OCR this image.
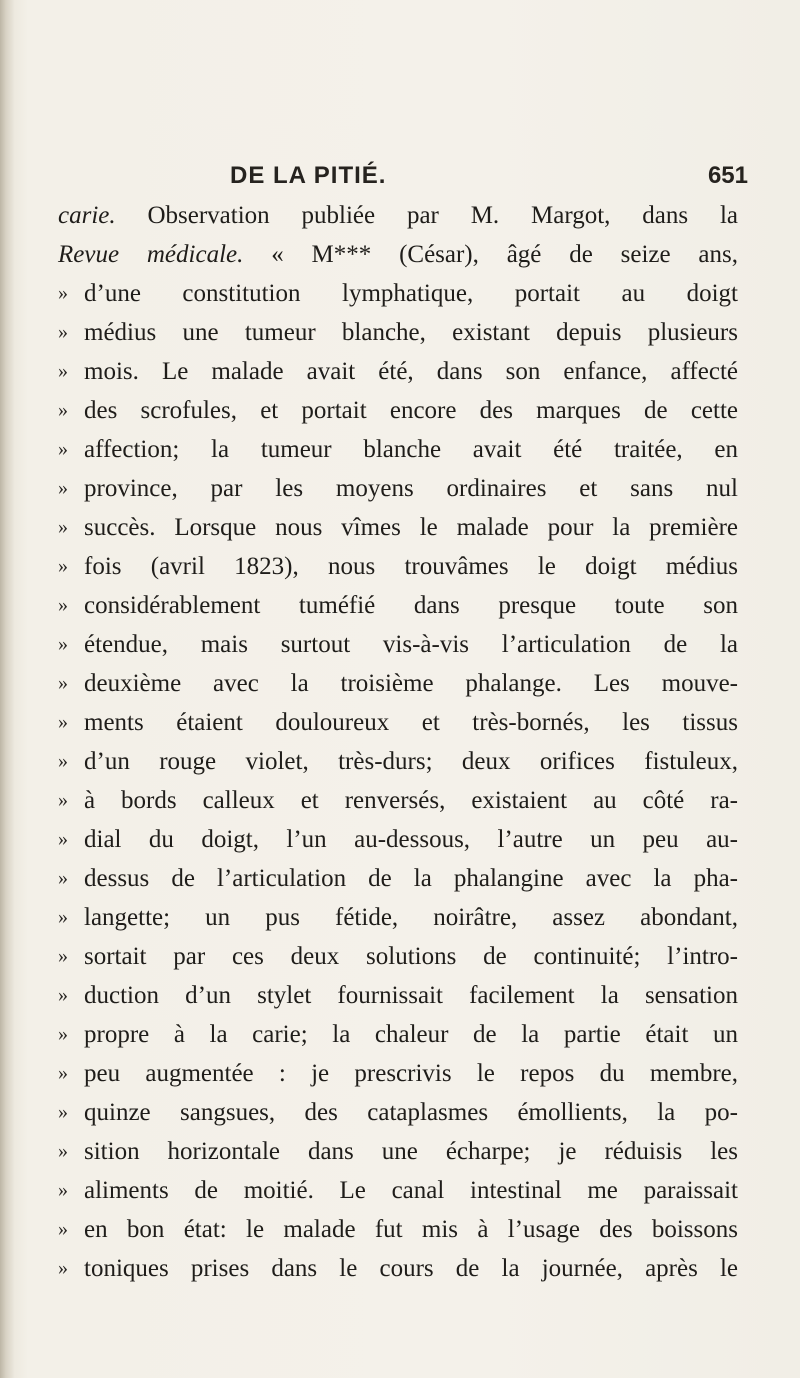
DE LA PITIÉ.	651
carie. Observation publiée par M. Margot, dans la
Revue médicale. « M*** (César), âgé de seize ans,
» d’une constitution lymphatique, portait au doigt
» médius une tumeur blanche, existant depuis plusieurs
» mois. Le malade avait été, dans son enfance, affecté
» des scrofules, et portait encore des marques de cette
» affection; la tumeur blanche avait été traitée, en
» province, par les moyens ordinaires et sans nul
» succès. Lorsque nous vîmes le malade pour la première
» fois (avril 1823), nous trouvâmes le doigt médius
» considérablement tuméfié dans presque toute son
» étendue, mais surtout vis-à-vis l’articulation de la
» deuxième avec la troisième phalange. Les mouve-
» ments étaient douloureux et très-bornés, les tissus
» d’un rouge violet, très-durs; deux orifices fistuleux,
» à bords calleux et renversés, existaient au côté ra-
» dial du doigt, l’un au-dessous, l’autre un peu au-
» dessus de l’articulation de la phalangine avec la pha-
» langette; un pus fétide, noirâtre, assez abondant,
» sortait par ces deux solutions de continuité; l’intro-
» duction d’un stylet fournissait facilement la sensation
» propre à la carie; la chaleur de la partie était un
» peu augmentée : je prescrivis le repos du membre,
» quinze sangsues, des cataplasmes émollients, la po-
» sition horizontale dans une écharpe; je réduisis les
» aliments de moitié. Le canal intestinal me paraissait
» en bon état: le malade fut mis à l’usage des boissons
» toniques prises dans le cours de la journée, après le
